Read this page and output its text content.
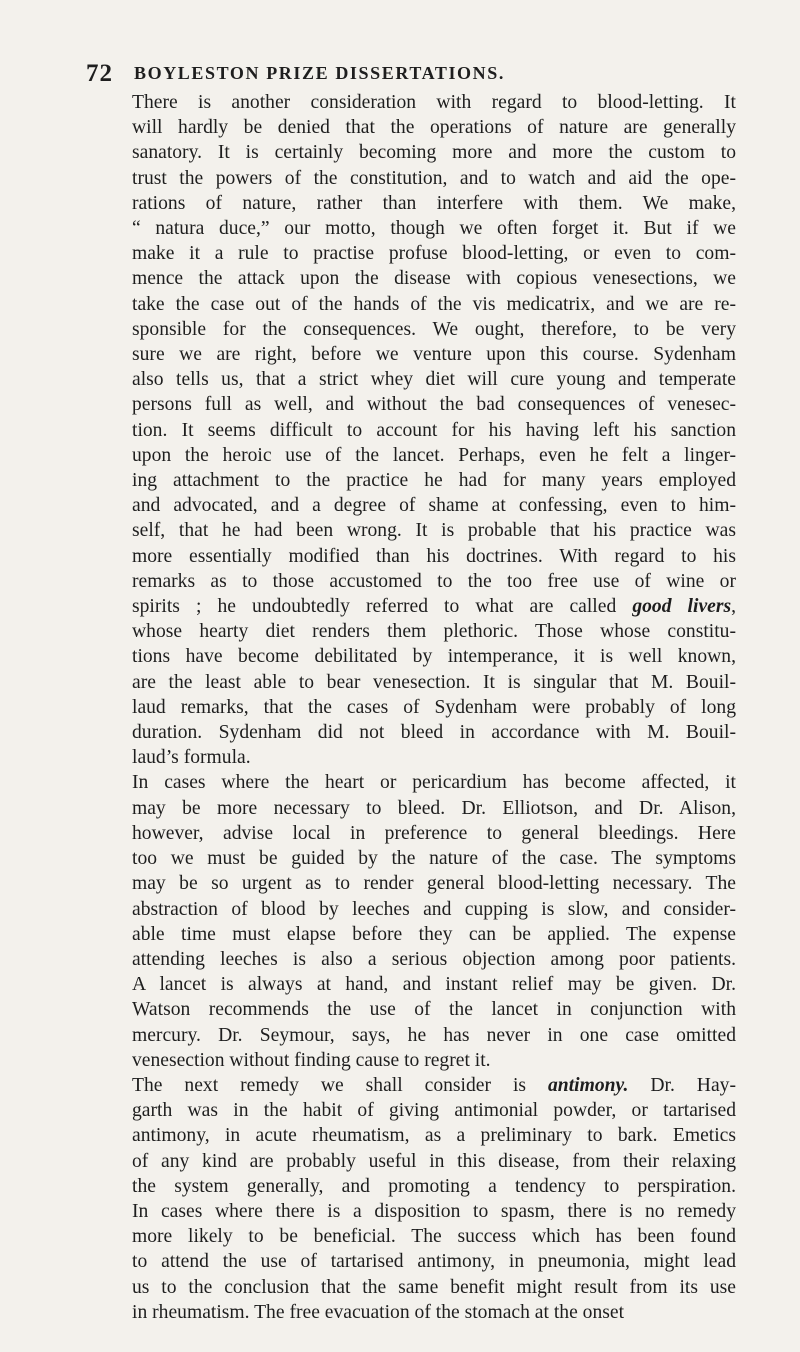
72 BOYLESTON PRIZE DISSERTATIONS.

There is another consideration with regard to blood-letting. It
will hardly be denied that the operations of nature are generally
sanatory. It is certainly becoming more and more the custom to
trust the powers of the constitution, and to watch and aid the ope-
rations of nature, rather than interfere with them. We make,
“ natura duce,” our motto, though we often forget it. But if we
make it a rule to practise profuse blood-letting, or even to com-
mence the attack upon the disease with copious venesections, we
take the case out of the hands of the vis medicatrix, and we are re-
sponsible for the consequences. We ought, therefore, to be very
sure we are right, before we venture upon this course. Sydenham
also tells us, that a strict whey diet will cure young and temperate
persons full as well, and without the bad consequences of venesec-
tion. It seems difficult to account for his having left his sanction
upon the heroic use of the lancet. Perhaps, even he felt a linger-
ing attachment to the practice he had for many years employed
and advocated, and a degree of shame at confessing, even to him-
self, that he had been wrong. It is probable that his practice was
more essentially modified than his doctrines. With regard to his
remarks as to those accustomed to the too free use of wine or
spirits ; he undoubtedly referred to what are called good livers,
whose hearty diet renders them plethoric. Those whose constitu-
tions have become debilitated by intemperance, it is well known,
are the least able to bear venesection. It is singular that M. Bouil-
laud remarks, that the cases of Sydenham were probably of long
duration. Sydenham did not bleed in accordance with M. Bouil-
laud’s formula.

In cases where the heart or pericardium has become affected, it
may be more necessary to bleed. Dr. Elliotson, and Dr. Alison,
however, advise local in preference to general bleedings. Here
too we must be guided by the nature of the case. The symptoms
may be so urgent as to render general blood-letting necessary. The
abstraction of blood by leeches and cupping is slow, and consider-
able time must elapse before they can be applied. The expense
attending leeches is also a serious objection among poor patients.
A lancet is always at hand, and instant relief may be given. Dr.
Watson recommends the use of the lancet in conjunction with
mercury. Dr. Seymour, says, he has never in one case omitted
venesection without finding cause to regret it.

The next remedy we shall consider is antimony. Dr. Hay-
garth was in the habit of giving antimonial powder, or tartarised
antimony, in acute rheumatism, as a preliminary to bark. Emetics
of any kind are probably useful in this disease, from their relaxing
the system generally, and promoting a tendency to perspiration.
In cases where there is a disposition to spasm, there is no remedy
more likely to be beneficial. The success which has been found
to attend the use of tartarised antimony, in pneumonia, might lead
us to the conclusion that the same benefit might result from its use
in rheumatism. The free evacuation of the stomach at the onset
